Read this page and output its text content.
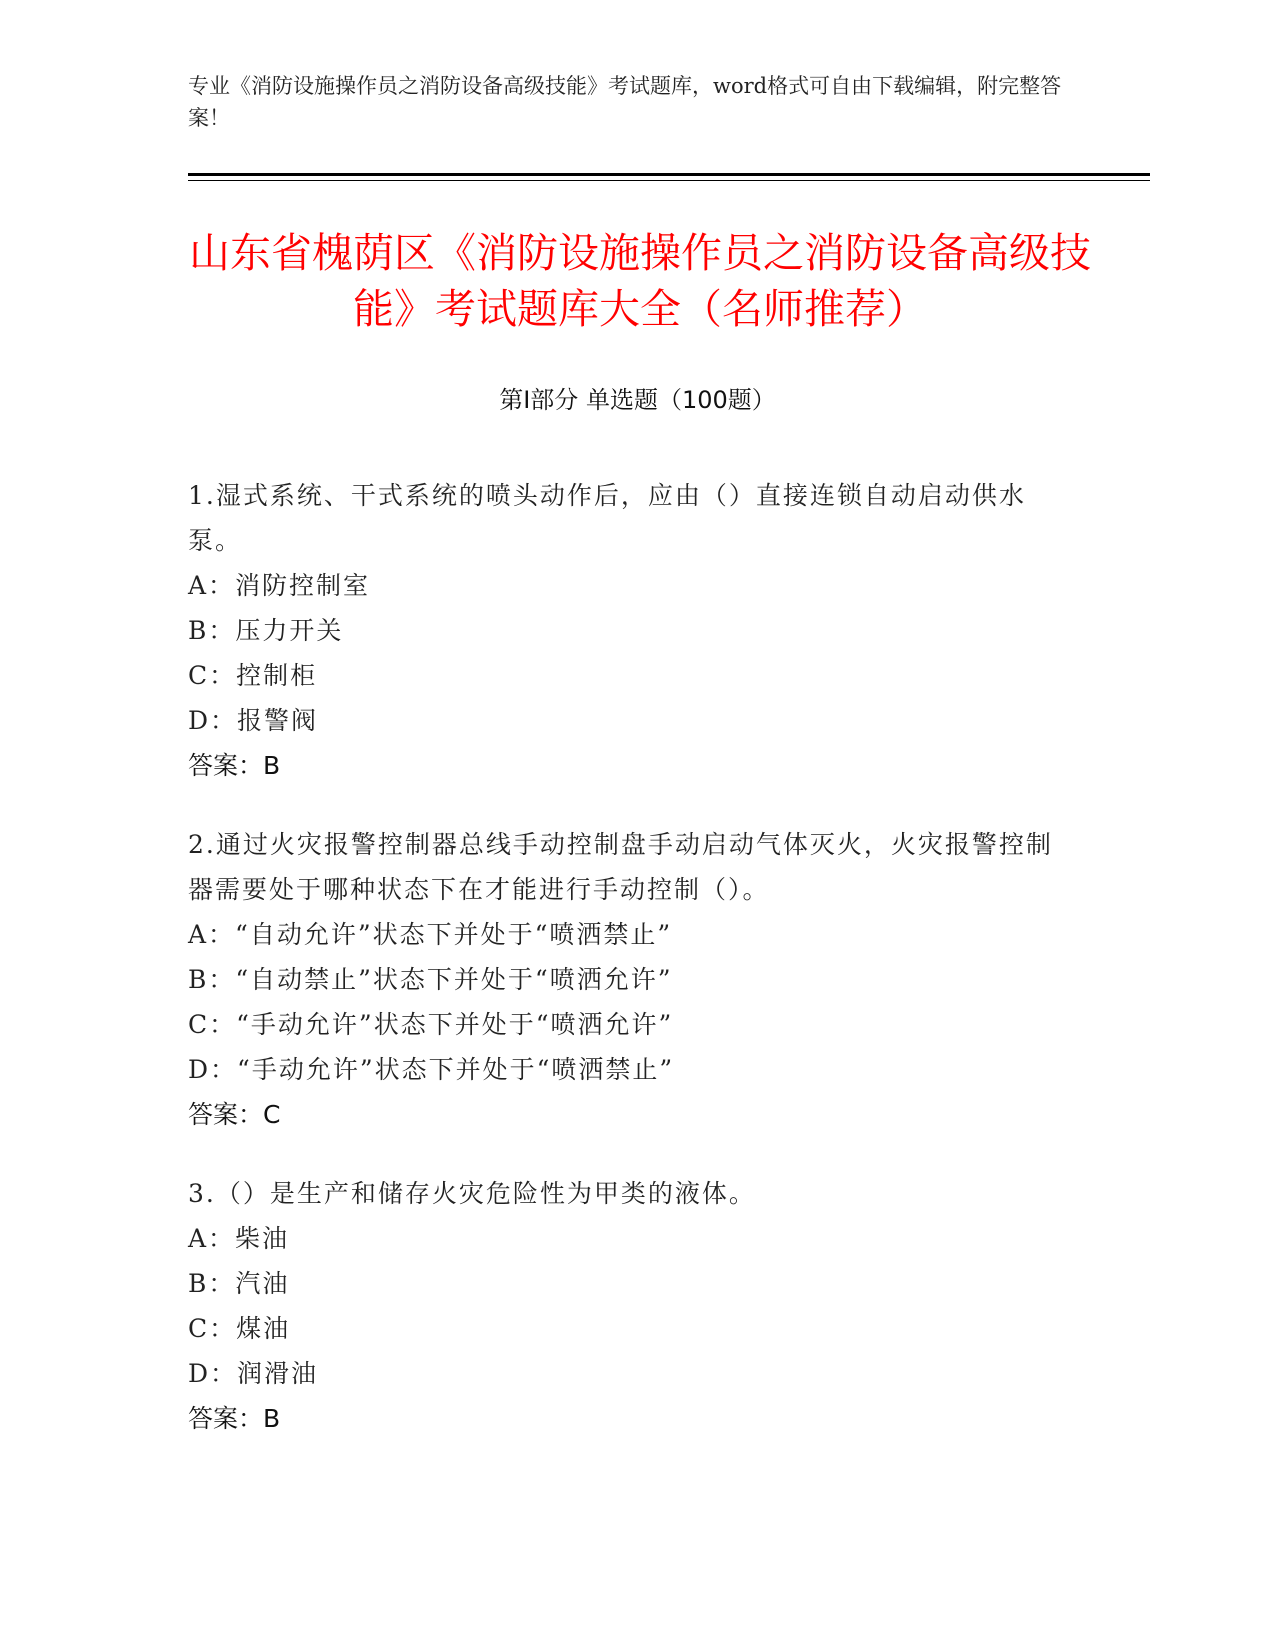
专业《消防设施操作员之消防设备高级技能》考试题库，word格式可自由下载编辑，附完整答案！
山东省槐荫区《消防设施操作员之消防设备高级技能》考试题库大全（名师推荐）
第Ⅰ部分 单选题（100题）
1.湿式系统、干式系统的喷头动作后，应由（）直接连锁自动启动供水泵。
A：消防控制室
B：压力开关
C：控制柜
D：报警阀
答案：B
2.通过火灾报警控制器总线手动控制盘手动启动气体灭火，火灾报警控制器需要处于哪种状态下在才能进行手动控制（）。
A：“自动允许”状态下并处于“喷洒禁止”
B：“自动禁止”状态下并处于“喷洒允许”
C：“手动允许”状态下并处于“喷洒允许”
D：“手动允许”状态下并处于“喷洒禁止”
答案：C
3.（）是生产和储存火灾危险性为甲类的液体。
A：柴油
B：汽油
C：煤油
D：润滑油
答案：B
